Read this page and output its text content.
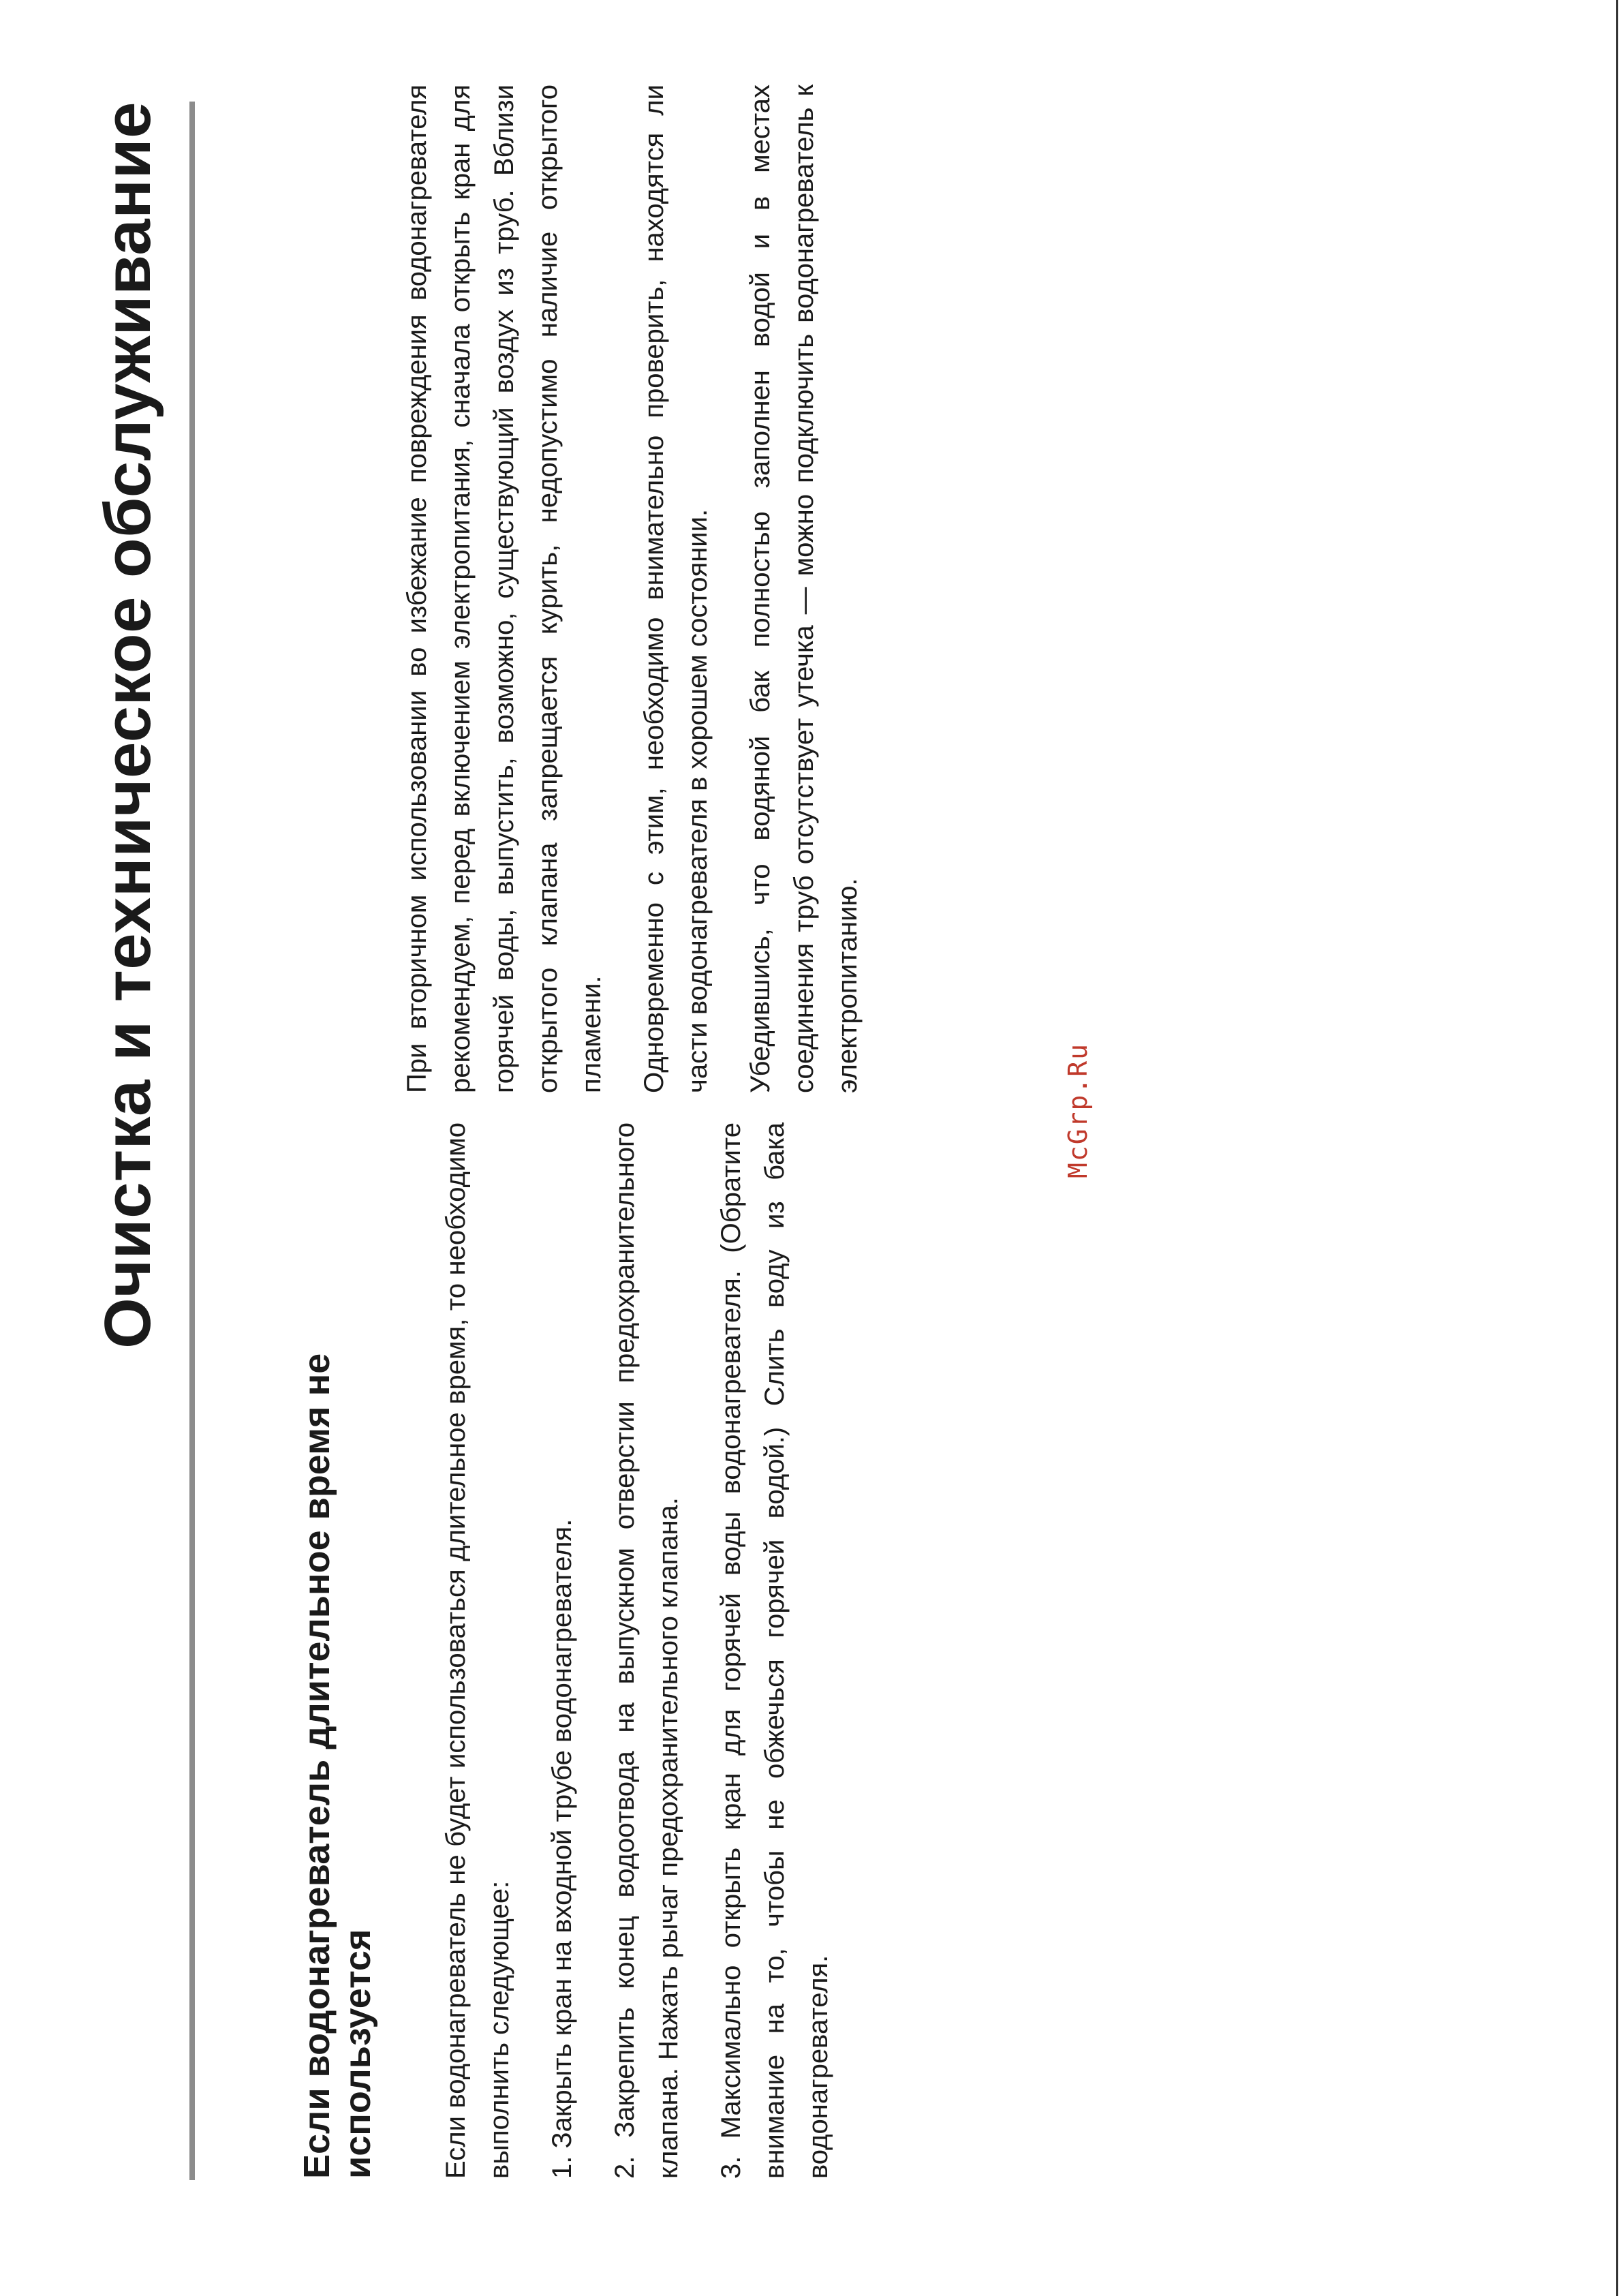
Очистка и техническое обслуживание
Если водонагреватель длительное время не используется Если водонагреватель не будет использоваться длительное время, то необходимо выполнить следующее: 1. Закрыть кран на входной трубе водонагревателя. 2. Закрепить конец водоотвода на выпускном отверстии предохранительного клапана. Нажать рычаг предохранительного клапана. 3. Максимально открыть кран для горячей воды водонагревателя. (Обратите внимание на то, чтобы не обжечься горячей водой.) Слить воду из бака водонагревателя.

При вторичном использовании во избежание повреждения водонагревателя рекомендуем, перед включением электропитания, сначала открыть кран для горячей воды, выпустить, возможно, существующий воздух из труб. Вблизи открытого клапана запрещается курить, недопустимо наличие открытого пламени. Одновременно с этим, необходимо внимательно проверить, находятся ли части водонагревателя в хорошем состоянии. Убедившись, что водяной бак полностью заполнен водой и в местах соединения труб отсутствует утечка — можно подключить водонагреватель к электропитанию.

McGrp.Ru
